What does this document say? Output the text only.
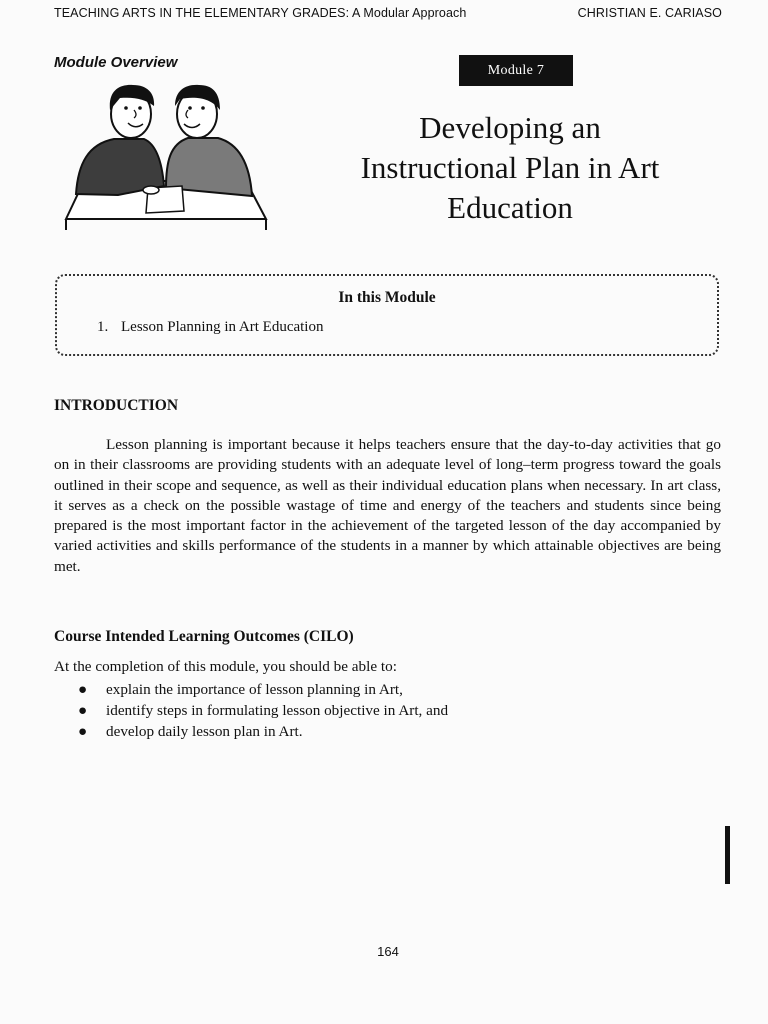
TEACHING ARTS IN THE ELEMENTARY GRADES: A Modular Approach	CHRISTIAN E. CARIASO
Module Overview	Module 7
Developing an
Instructional Plan in Art
Education
In this Module
1. Lesson Planning in Art Education
INTRODUCTION

Lesson planning is important because it helps teachers ensure that the day-to-day activities that go on in their classrooms are providing students with an adequate level of long–term progress toward the goals outlined in their scope and sequence, as well as their individual education plans when necessary. In art class, it serves as a check on the possible wastage of time and energy of the teachers and students since being prepared is the most important factor in the achievement of the targeted lesson of the day accompanied by varied activities and skills performance of the students in a manner by which attainable objectives are being met.

Course Intended Learning Outcomes (CILO)

At the completion of this module, you should be able to:

● explain the importance of lesson planning in Art,
● identify steps in formulating lesson objective in Art, and
● develop daily lesson plan in Art.
164
